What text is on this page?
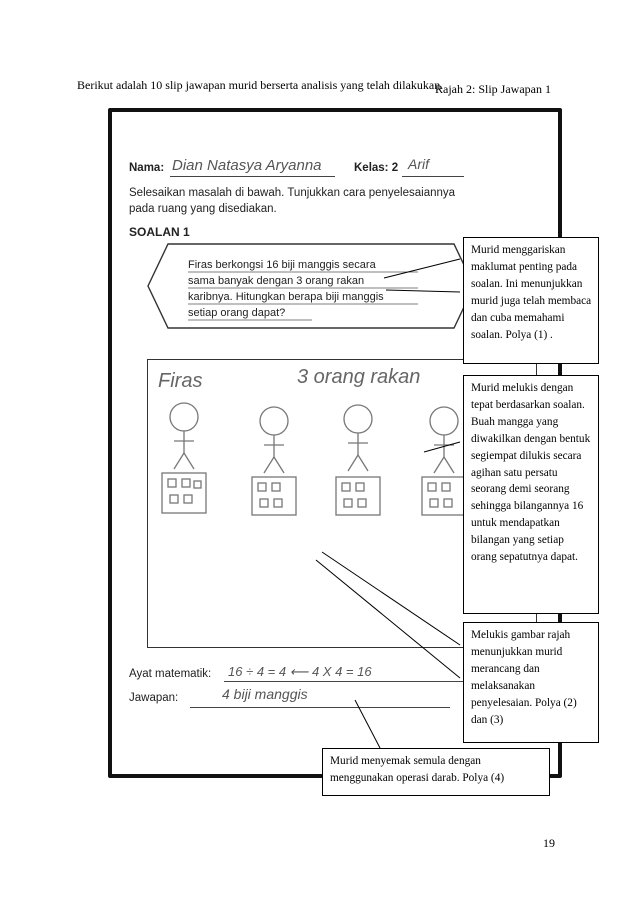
Berikut adalah 10 slip jawapan murid berserta analisis yang telah dilakukan.
Rajah 2: Slip Jawapan 1
Nama: Dian Natasya Aryanna	Kelas: 2 Arif
Selesaikan masalah di bawah. Tunjukkan cara penyelesaiannya
pada ruang yang disediakan.
SOALAN 1
Firas berkongsi 16 biji manggis secara
sama banyak dengan 3 orang rakan
karibnya. Hitungkan berapa biji manggis
setiap orang dapat?
Firas	3 orang rakan
Ayat matematik: 16 ÷ 4 = 4 ⟵ 4 X 4 = 16
Jawapan:	4 biji manggis
Murid menggariskan maklumat penting pada soalan. Ini menunjukkan murid juga telah membaca dan cuba memahami soalan. Polya (1) .
Murid melukis dengan tepat berdasarkan soalan. Buah mangga yang diwakilkan dengan bentuk segiempat dilukis secara agihan satu persatu seorang demi seorang sehingga bilangannya 16 untuk mendapatkan bilangan yang setiap orang sepatutnya dapat.
Melukis gambar rajah menunjukkan murid merancang dan melaksanakan penyelesaian. Polya (2) dan (3)
Murid menyemak semula dengan menggunakan operasi darab. Polya (4)
19
